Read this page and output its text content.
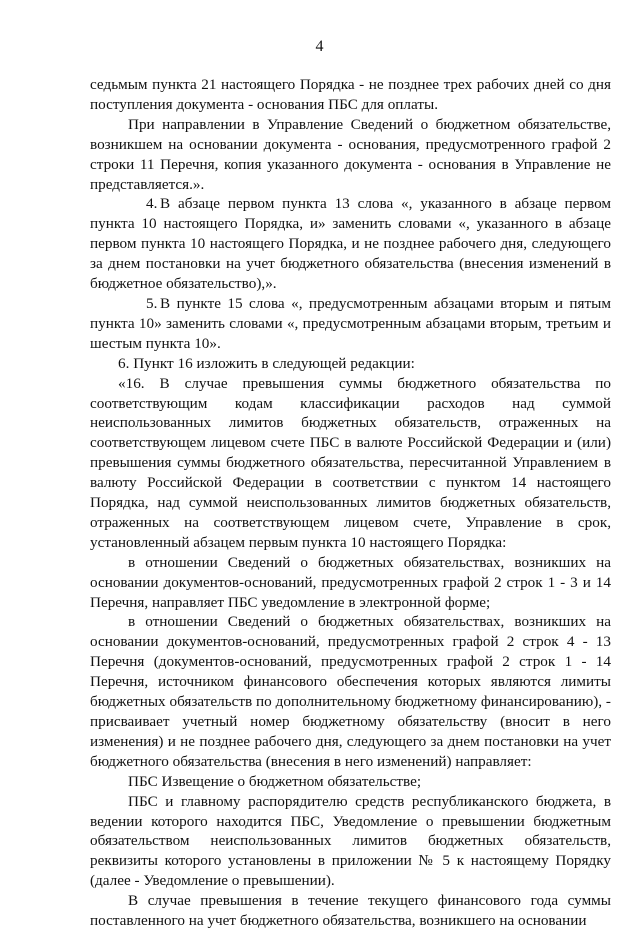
4

седьмым пункта 21 настоящего Порядка - не позднее трех рабочих дней со дня поступления документа - основания ПБС для оплаты.

При направлении в Управление Сведений о бюджетном обязательстве, возникшем на основании документа - основания, предусмотренного графой 2 строки 11 Перечня, копия указанного документа - основания в Управление не представляется.».

4. В абзаце первом пункта 13 слова «, указанного в абзаце первом пункта 10 настоящего Порядка, и» заменить словами «, указанного в абзаце первом пункта 10 настоящего Порядка, и не позднее рабочего дня, следующего за днем постановки на учет бюджетного обязательства (внесения изменений в бюджетное обязательство),».

5. В пункте 15 слова «, предусмотренным абзацами вторым и пятым пункта 10» заменить словами «, предусмотренным абзацами вторым, третьим и шестым пункта 10».

6. Пункт 16 изложить в следующей редакции:

«16. В случае превышения суммы бюджетного обязательства по соответствующим кодам классификации расходов над суммой неиспользованных лимитов бюджетных обязательств, отраженных на соответствующем лицевом счете ПБС в валюте Российской Федерации и (или) превышения суммы бюджетного обязательства, пересчитанной Управлением в валюту Российской Федерации в соответствии с пунктом 14 настоящего Порядка, над суммой неиспользованных лимитов бюджетных обязательств, отраженных на соответствующем лицевом счете, Управление в срок, установленный абзацем первым пункта 10 настоящего Порядка:

в отношении Сведений о бюджетных обязательствах, возникших на основании документов-оснований, предусмотренных графой 2 строк 1 - 3 и 14 Перечня, направляет ПБС уведомление в электронной форме;

в отношении Сведений о бюджетных обязательствах, возникших на основании документов-оснований, предусмотренных графой 2 строк 4 - 13 Перечня (документов-оснований, предусмотренных графой 2 строк 1 - 14 Перечня, источником финансового обеспечения которых являются лимиты бюджетных обязательств по дополнительному бюджетному финансированию), - присваивает учетный номер бюджетному обязательству (вносит в него изменения) и не позднее рабочего дня, следующего за днем постановки на учет бюджетного обязательства (внесения в него изменений) направляет:

ПБС Извещение о бюджетном обязательстве;

ПБС и главному распорядителю средств республиканского бюджета, в ведении которого находится ПБС, Уведомление о превышении бюджетным обязательством неиспользованных лимитов бюджетных обязательств, реквизиты которого установлены в приложении № 5 к настоящему Порядку (далее - Уведомление о превышении).

В случае превышения в течение текущего финансового года суммы поставленного на учет бюджетного обязательства, возникшего на основании
